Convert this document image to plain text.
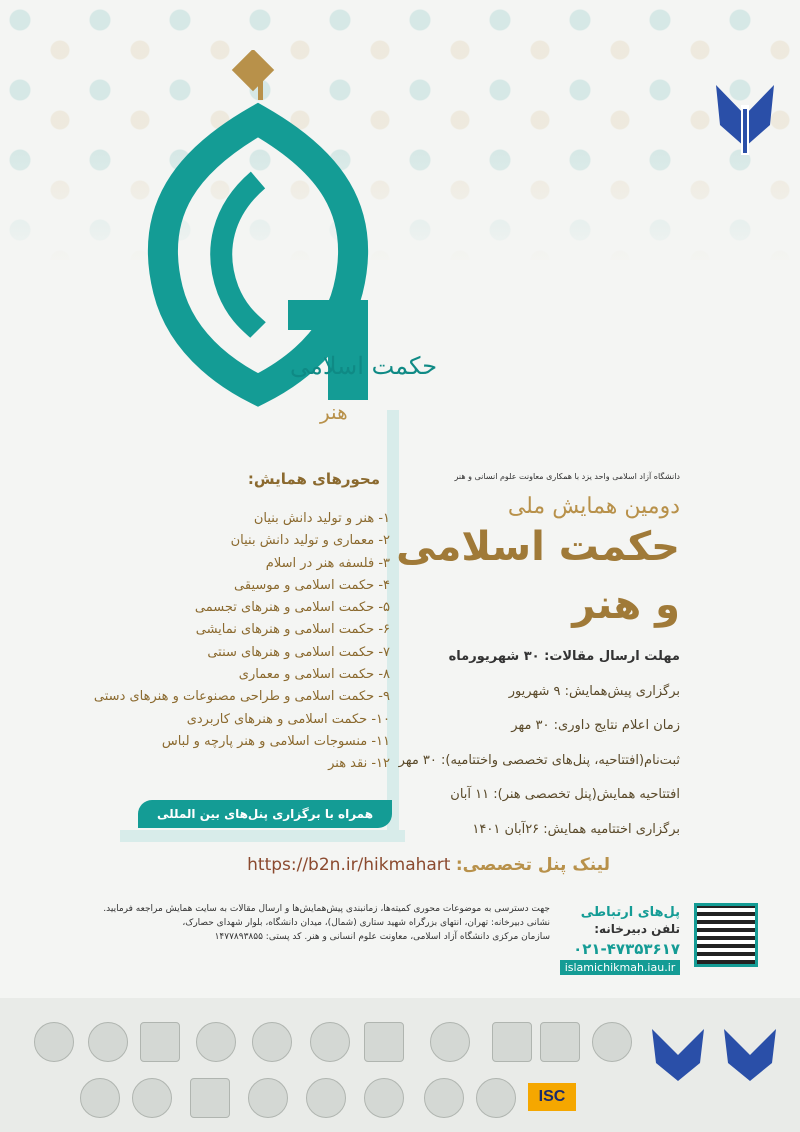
حکمت اسلامی
هنر
محورهای همایش:
۱- هنر و تولید دانش بنیان
۲- معماری و تولید دانش بنیان
۳- فلسفه هنر در اسلام
۴- حکمت اسلامی و موسیقی
۵- حکمت اسلامی و هنرهای تجسمی
۶- حکمت اسلامی و هنرهای نمایشی
۷- حکمت اسلامی و هنرهای سنتی
۸- حکمت اسلامی و معماری
۹- حکمت اسلامی و طراحی مصنوعات و هنرهای دستی
۱۰- حکمت اسلامی و هنرهای کاربردی
۱۱- منسوجات اسلامی و هنر پارچه و لباس
۱۲- نقد هنر
همراه با برگزاری پنل‌های بین المللی
دانشگاه آزاد اسلامی واحد یزد با همکاری معاونت علوم انسانی و هنر
دومین همایش ملی
حکمت اسلامی
و هنر
مهلت ارسال مقالات: ۳۰ شهریورماه
برگزاری پیش‌همایش: ۹ شهریور
زمان اعلام نتایج داوری: ۳۰ مهر
ثبت‌نام(افتتاحیه، پنل‌های تخصصی واختتامیه): ۳۰ مهر
افتتاحیه همایش(پنل تخصصی هنر): ۱۱ آبان
برگزاری اختتامیه همایش: ۲۶آبان ۱۴۰۱
لینک پنل تخصصی: https://b2n.ir/hikmahart
پل‌های ارتباطی
تلفن دبیرخانه:
۰۲۱-۴۷۳۵۳۶۱۷
islamichikmah.iau.ir
جهت دسترسی به موضوعات محوری کمیته‌ها، زمانبندی پیش‌همایش‌ها و ارسال مقالات به سایت همایش مراجعه فرمایید.
نشانی دبیرخانه: تهران، انتهای بزرگراه شهید ستاری (شمال)، میدان دانشگاه، بلوار شهدای حصارک،
سازمان مرکزی دانشگاه آزاد اسلامی، معاونت علوم انسانی و هنر. کد پستی: ۱۴۷۷۸۹۳۸۵۵
ISC
